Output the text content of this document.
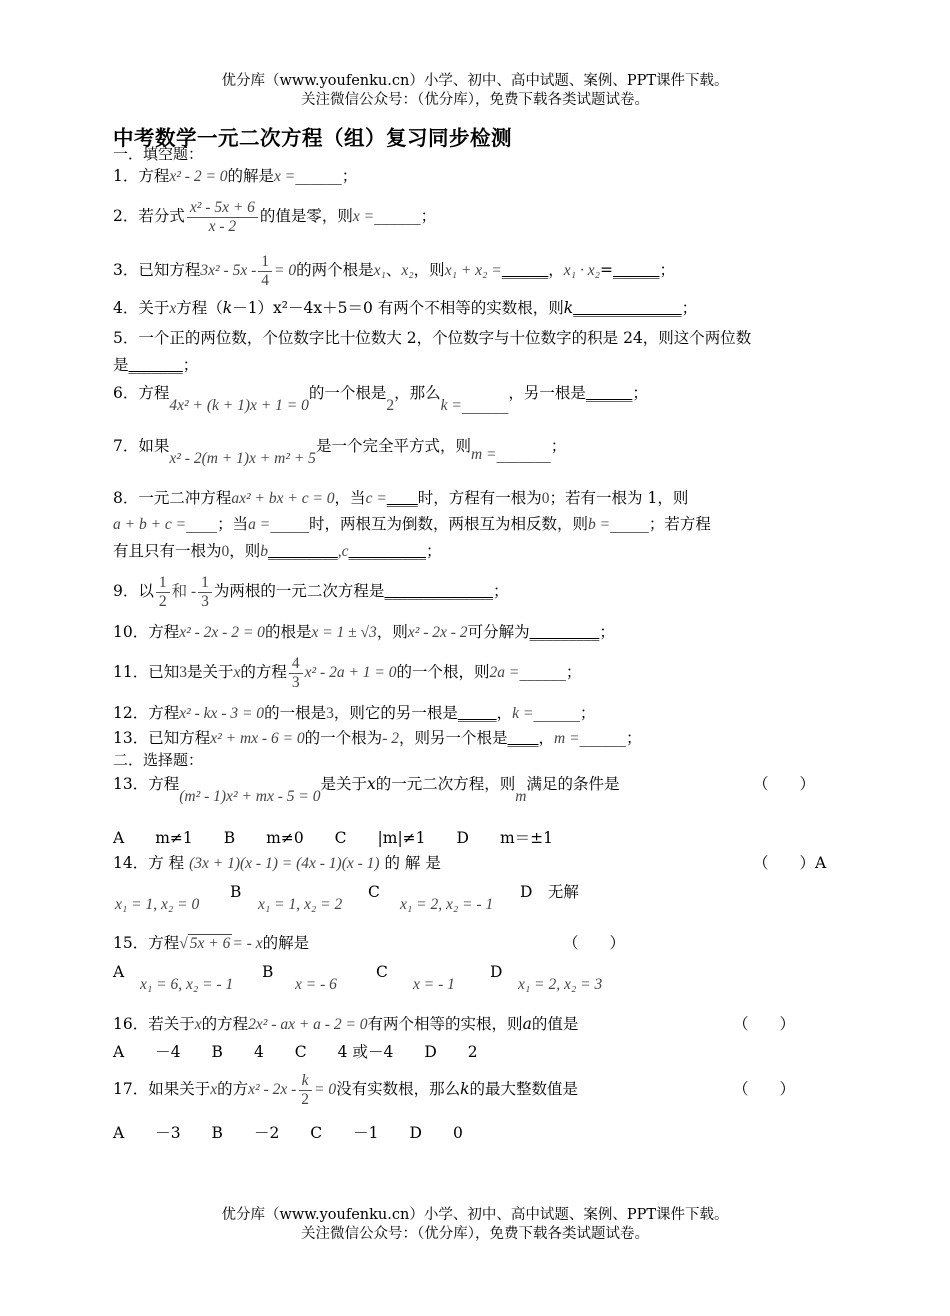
优分库（www.youfenku.cn）小学、初中、高中试题、案例、PPT课件下载。
关注微信公众号：（优分库），免费下载各类试题试卷。
中考数学一元二次方程（组）复习同步检测
一．填空题：
1．方程x² - 2 = 0的解是x =______；
2．若分式 $\frac{\text{x² - 5x + 6}}{x - 2}$ 的值是零，则x =______；
3．已知方程$3x^2 - 5x - \frac{1}{4} = 0$的两个根是x₁、x₂，则x₁ + x₂ =______，x₁ · x₂=______；
4．关于x方程（k－1）x²－4x＋5＝0 有两个不相等的实数根，则k______________；
5．一个正的两位数，个位数字比十位数大 2，个位数字与十位数字的积是 24，则这个两位数
是_______；
6．方程4x² + (k + 1)x + 1 = 0的一个根是2，那么k =______，另一根是______；
7．如果x² - 2(m + 1)x + m² + 5是一个完全平方式，则m =_______；
8．一元二冲方程ax² + bx + c = 0，当c =____时，方程有一根为0；若有一根为 1，则
a + b + c =____；当a =_____时，两根互为倒数，两根互为相反数，则b =_____；若方程
有且只有一根为0，则b_________,c__________；
9．以 $\frac{1}{2}$ 和 - $\frac{1}{3}$ 为两根的一元二次方程是______________；
10．方程x² - 2x - 2 = 0的根是x = 1 ± √3，则x² - 2x - 2可分解为_________；
11．已知3是关于x的方程 $\frac{4}{3} x^2 - 2a + 1 = 0$的一个根，则2a =______；
12．方程x² - kx - 3 = 0的一根是3，则它的另一根是_____，k =______；
13．已知方程x² + mx - 6 = 0的一个根为- 2，则另一个根是____，m =______；
二．选择题：
13．方程(m² - 1)x² + mx - 5 = 0是关于x的一元二次方程，则m满足的条件是	（　　）
A　　m≠1　　B　　m≠0　　C　　|m|≠1　　D　　m＝±1
14．方 程 (3x + 1)(x - 1) = (4x - 1)(x - 1) 的 解 是	（　　）A
x₁ = 1, x₂ = 0
B
x₁ = 1, x₂ = 2
C
x₁ = 2, x₂ = - 1
D　无解
15．方程√ 5x + 6 = - x的解是	（　　）
A
x₁ = 6, x₂ = - 1
B
x = - 6
C
x = - 1
D
x₁ = 2, x₂ = 3
16．若关于x的方程2x² - ax + a - 2 = 0有两个相等的实根，则a的值是	（　　）
A　　－4　　B　　4　　C　　4 或－4　　D　　2
17．如果关于x的方$x^2 - 2x - \frac{k}{2} = 0$没有实数根，那么k的最大整数值是	（　　）
A　　－3　　B　　－2　　C　　－1　　D　　0
优分库（www.youfenku.cn）小学、初中、高中试题、案例、PPT课件下载。
关注微信公众号：（优分库），免费下载各类试题试卷。
